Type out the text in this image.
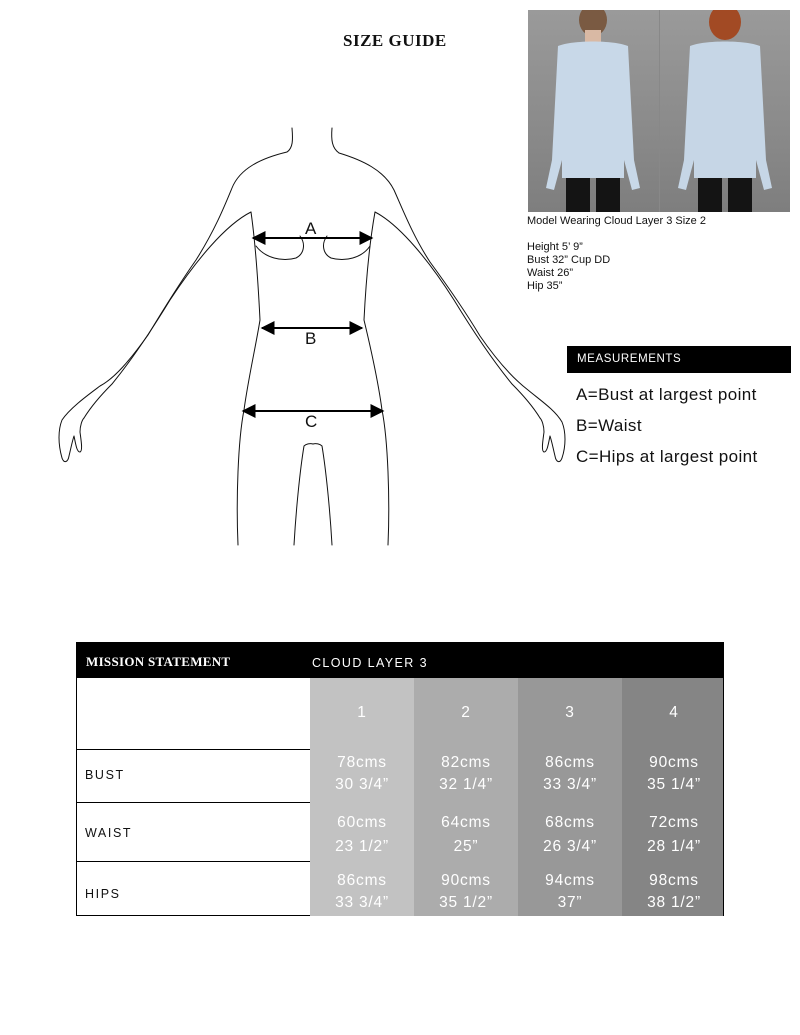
SIZE GUIDE
A
B
C
Model Wearing Cloud Layer 3 Size 2
Height 5’ 9”
Bust 32” Cup DD
Waist 26”
Hip 35”
MEASUREMENTS
A=Bust at largest point
B=Waist
C=Hips at largest point
MISSION STATEMENT	CLOUD LAYER 3
BUST
WAIST
HIPS
1
78cms
30 3/4”
60cms
23 1/2”
86cms
33 3/4”
2
82cms
32 1/4”
64cms
25”
90cms
35 1/2”
3
86cms
33 3/4”
68cms
26 3/4”
94cms
37”
4
90cms
35 1/4”
72cms
28 1/4”
98cms
38 1/2”
